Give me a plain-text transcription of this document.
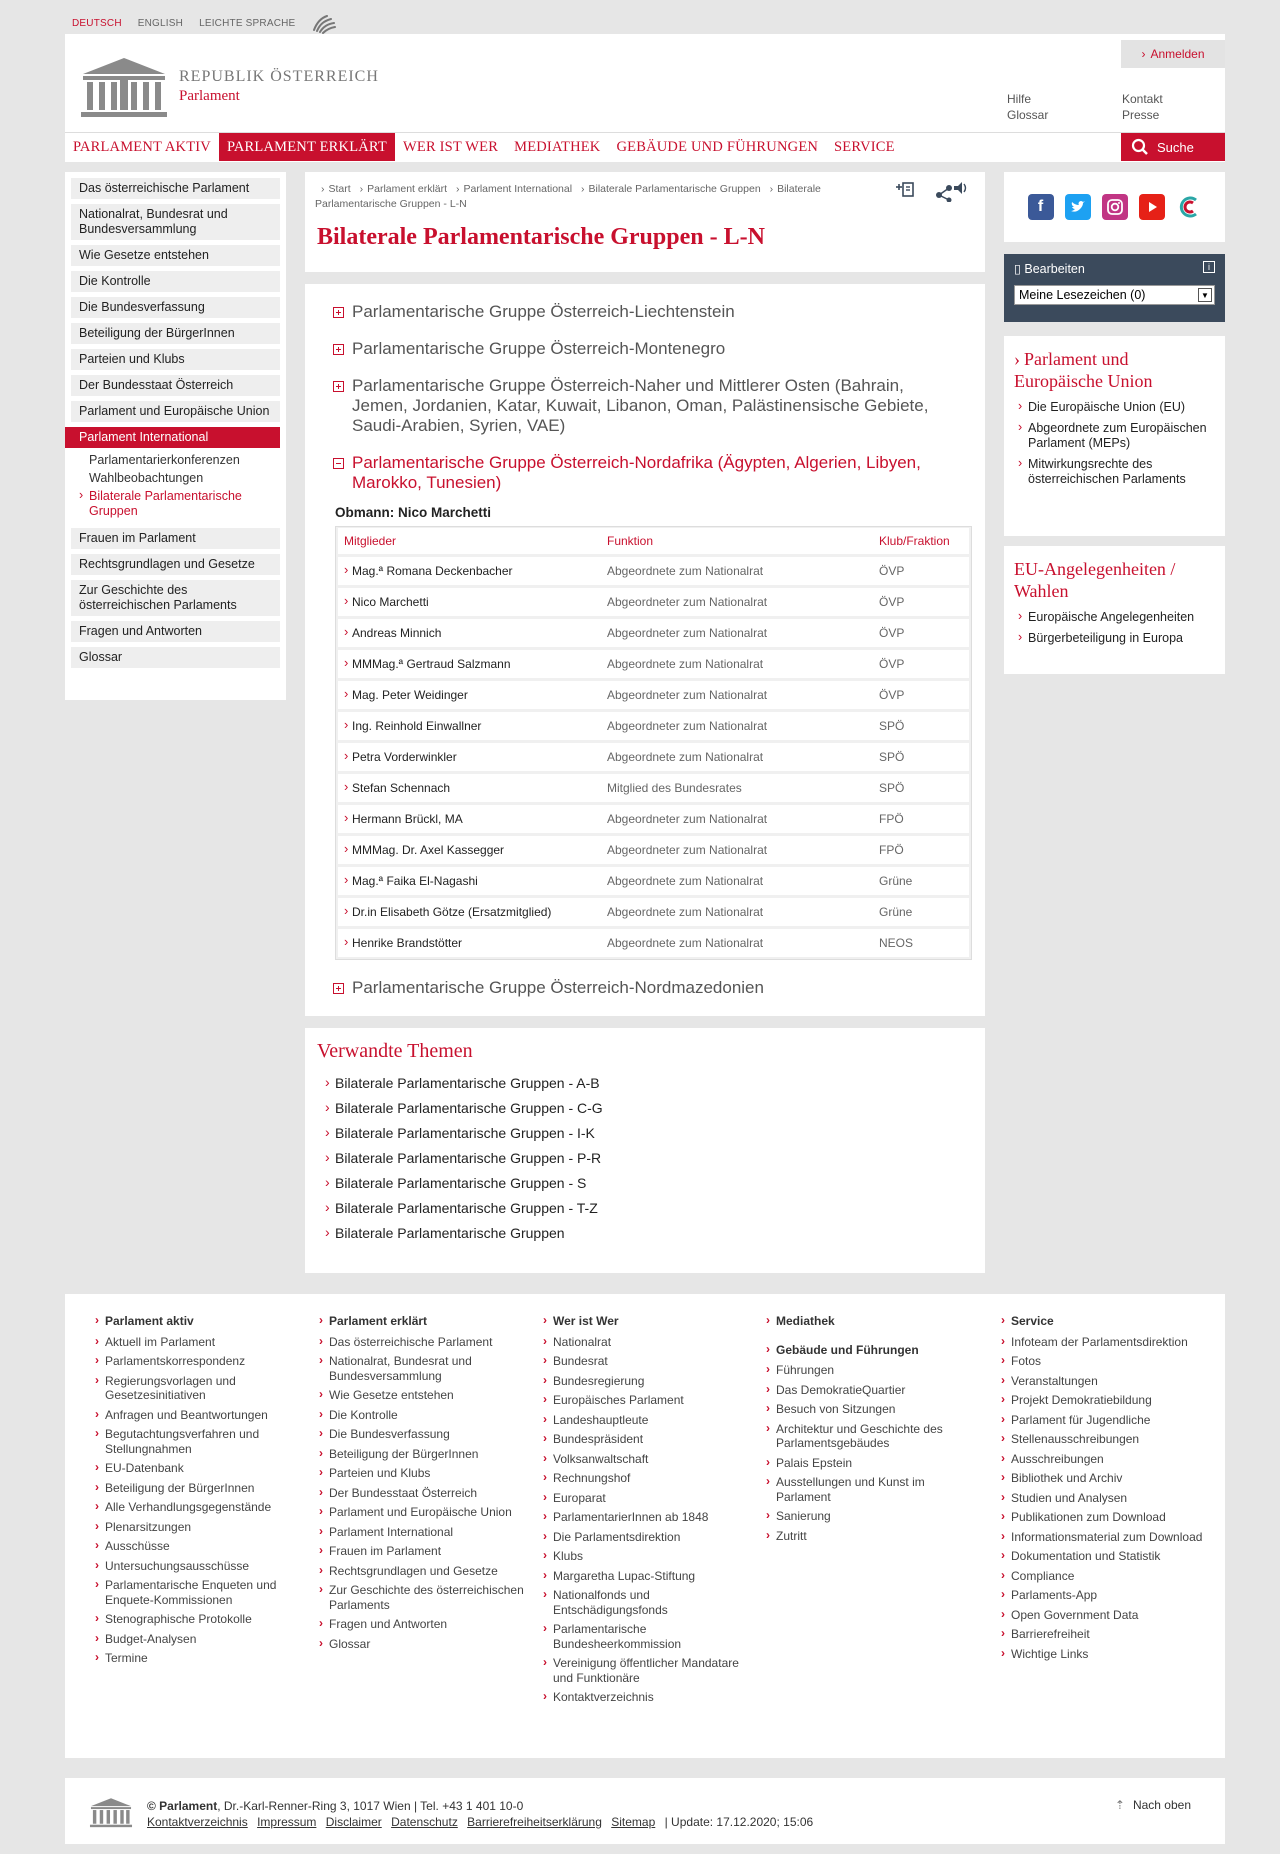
DEUTSCH ENGLISH LEICHTE SPRACHE
REPUBLIK ÖSTERREICH
Parlament
› Anmelden
Hilfe
Glossar
Kontakt
Presse
PARLAMENT AKTIV	PARLAMENT ERKLÄRT	WER IST WER	MEDIATHEK	GEBÄUDE UND FÜHRUNGEN	SERVICE	Suche
Das österreichische Parlament
Nationalrat, Bundesrat und Bundesversammlung
Wie Gesetze entstehen
Die Kontrolle
Die Bundesverfassung
Beteiligung der BürgerInnen
Parteien und Klubs
Der Bundesstaat Österreich
Parlament und Europäische Union
Parlament International
Parlamentarierkonferenzen
Wahlbeobachtungen
› Bilaterale Parlamentarische Gruppen
Frauen im Parlament
Rechtsgrundlagen und Gesetze
Zur Geschichte des österreichischen Parlaments
Fragen und Antworten
Glossar
› Start › Parlament erklärt › Parlament International › Bilaterale Parlamentarische Gruppen › Bilaterale Parlamentarische Gruppen - L-N
Bilaterale Parlamentarische Gruppen - L-N
Parlamentarische Gruppe Österreich-Liechtenstein
Parlamentarische Gruppe Österreich-Montenegro
Parlamentarische Gruppe Österreich-Naher und Mittlerer Osten (Bahrain, Jemen, Jordanien, Katar, Kuwait, Libanon, Oman, Palästinensische Gebiete, Saudi-Arabien, Syrien, VAE)
Parlamentarische Gruppe Österreich-Nordafrika (Ägypten, Algerien, Libyen, Marokko, Tunesien)
Obmann: Nico Marchetti
Mitglieder	Funktion	Klub/Fraktion
› Mag.ª Romana Deckenbacher	Abgeordnete zum Nationalrat	ÖVP
› Nico Marchetti	Abgeordneter zum Nationalrat	ÖVP
› Andreas Minnich	Abgeordneter zum Nationalrat	ÖVP
› MMMag.ª Gertraud Salzmann	Abgeordnete zum Nationalrat	ÖVP
› Mag. Peter Weidinger	Abgeordneter zum Nationalrat	ÖVP
› Ing. Reinhold Einwallner	Abgeordneter zum Nationalrat	SPÖ
› Petra Vorderwinkler	Abgeordnete zum Nationalrat	SPÖ
› Stefan Schennach	Mitglied des Bundesrates	SPÖ
› Hermann Brückl, MA	Abgeordneter zum Nationalrat	FPÖ
› MMMag. Dr. Axel Kassegger	Abgeordneter zum Nationalrat	FPÖ
› Mag.ª Faika El-Nagashi	Abgeordnete zum Nationalrat	Grüne
› Dr.in Elisabeth Götze (Ersatzmitglied)	Abgeordnete zum Nationalrat	Grüne
› Henrike Brandstötter	Abgeordnete zum Nationalrat	NEOS
Parlamentarische Gruppe Österreich-Nordmazedonien
Verwandte Themen
› Bilaterale Parlamentarische Gruppen - A-B
› Bilaterale Parlamentarische Gruppen - C-G
› Bilaterale Parlamentarische Gruppen - I-K
› Bilaterale Parlamentarische Gruppen - P-R
› Bilaterale Parlamentarische Gruppen - S
› Bilaterale Parlamentarische Gruppen - T-Z
› Bilaterale Parlamentarische Gruppen
f
▯ Bearbeiten	i
Meine Lesezeichen (0)	▼
› Parlament und Europäische Union
› Die Europäische Union (EU)
› Abgeordnete zum Europäischen Parlament (MEPs)
› Mitwirkungsrechte des österreichischen Parlaments
EU-Angelegenheiten / Wahlen
› Europäische Angelegenheiten
› Bürgerbeteiligung in Europa
› Parlament aktiv
› Aktuell im Parlament
› Parlamentskorrespondenz
› Regierungsvorlagen und Gesetzesinitiativen
› Anfragen und Beantwortungen
› Begutachtungsverfahren und Stellungnahmen
› EU-Datenbank
› Beteiligung der BürgerInnen
› Alle Verhandlungsgegenstände
› Plenarsitzungen
› Ausschüsse
› Untersuchungsausschüsse
› Parlamentarische Enqueten und Enquete-Kommissionen
› Stenographische Protokolle
› Budget-Analysen
› Termine
› Parlament erklärt
› Das österreichische Parlament
› Nationalrat, Bundesrat und Bundesversammlung
› Wie Gesetze entstehen
› Die Kontrolle
› Die Bundesverfassung
› Beteiligung der BürgerInnen
› Parteien und Klubs
› Der Bundesstaat Österreich
› Parlament und Europäische Union
› Parlament International
› Frauen im Parlament
› Rechtsgrundlagen und Gesetze
› Zur Geschichte des österreichischen Parlaments
› Fragen und Antworten
› Glossar
› Wer ist Wer
› Nationalrat
› Bundesrat
› Bundesregierung
› Europäisches Parlament
› Landeshauptleute
› Bundespräsident
› Volksanwaltschaft
› Rechnungshof
› Europarat
› ParlamentarierInnen ab 1848
› Die Parlamentsdirektion
› Klubs
› Margaretha Lupac-Stiftung
› Nationalfonds und Entschädigungsfonds
› Parlamentarische Bundesheerkommission
› Vereinigung öffentlicher Mandatare und Funktionäre
› Kontaktverzeichnis
› Mediathek
› Gebäude und Führungen
› Führungen
› Das DemokratieQuartier
› Besuch von Sitzungen
› Architektur und Geschichte des Parlamentsgebäudes
› Palais Epstein
› Ausstellungen und Kunst im Parlament
› Sanierung
› Zutritt
› Service
› Infoteam der Parlamentsdirektion
› Fotos
› Veranstaltungen
› Projekt Demokratiebildung
› Parlament für Jugendliche
› Stellenausschreibungen
› Ausschreibungen
› Bibliothek und Archiv
› Studien und Analysen
› Publikationen zum Download
› Informationsmaterial zum Download
› Dokumentation und Statistik
› Compliance
› Parlaments-App
› Open Government Data
› Barrierefreiheit
› Wichtige Links
© Parlament, Dr.-Karl-Renner-Ring 3, 1017 Wien | Tel. +43 1 401 10-0
Kontaktverzeichnis Impressum Disclaimer Datenschutz Barrierefreiheitserklärung Sitemap | Update: 17.12.2020; 15:06
⇡ Nach oben
